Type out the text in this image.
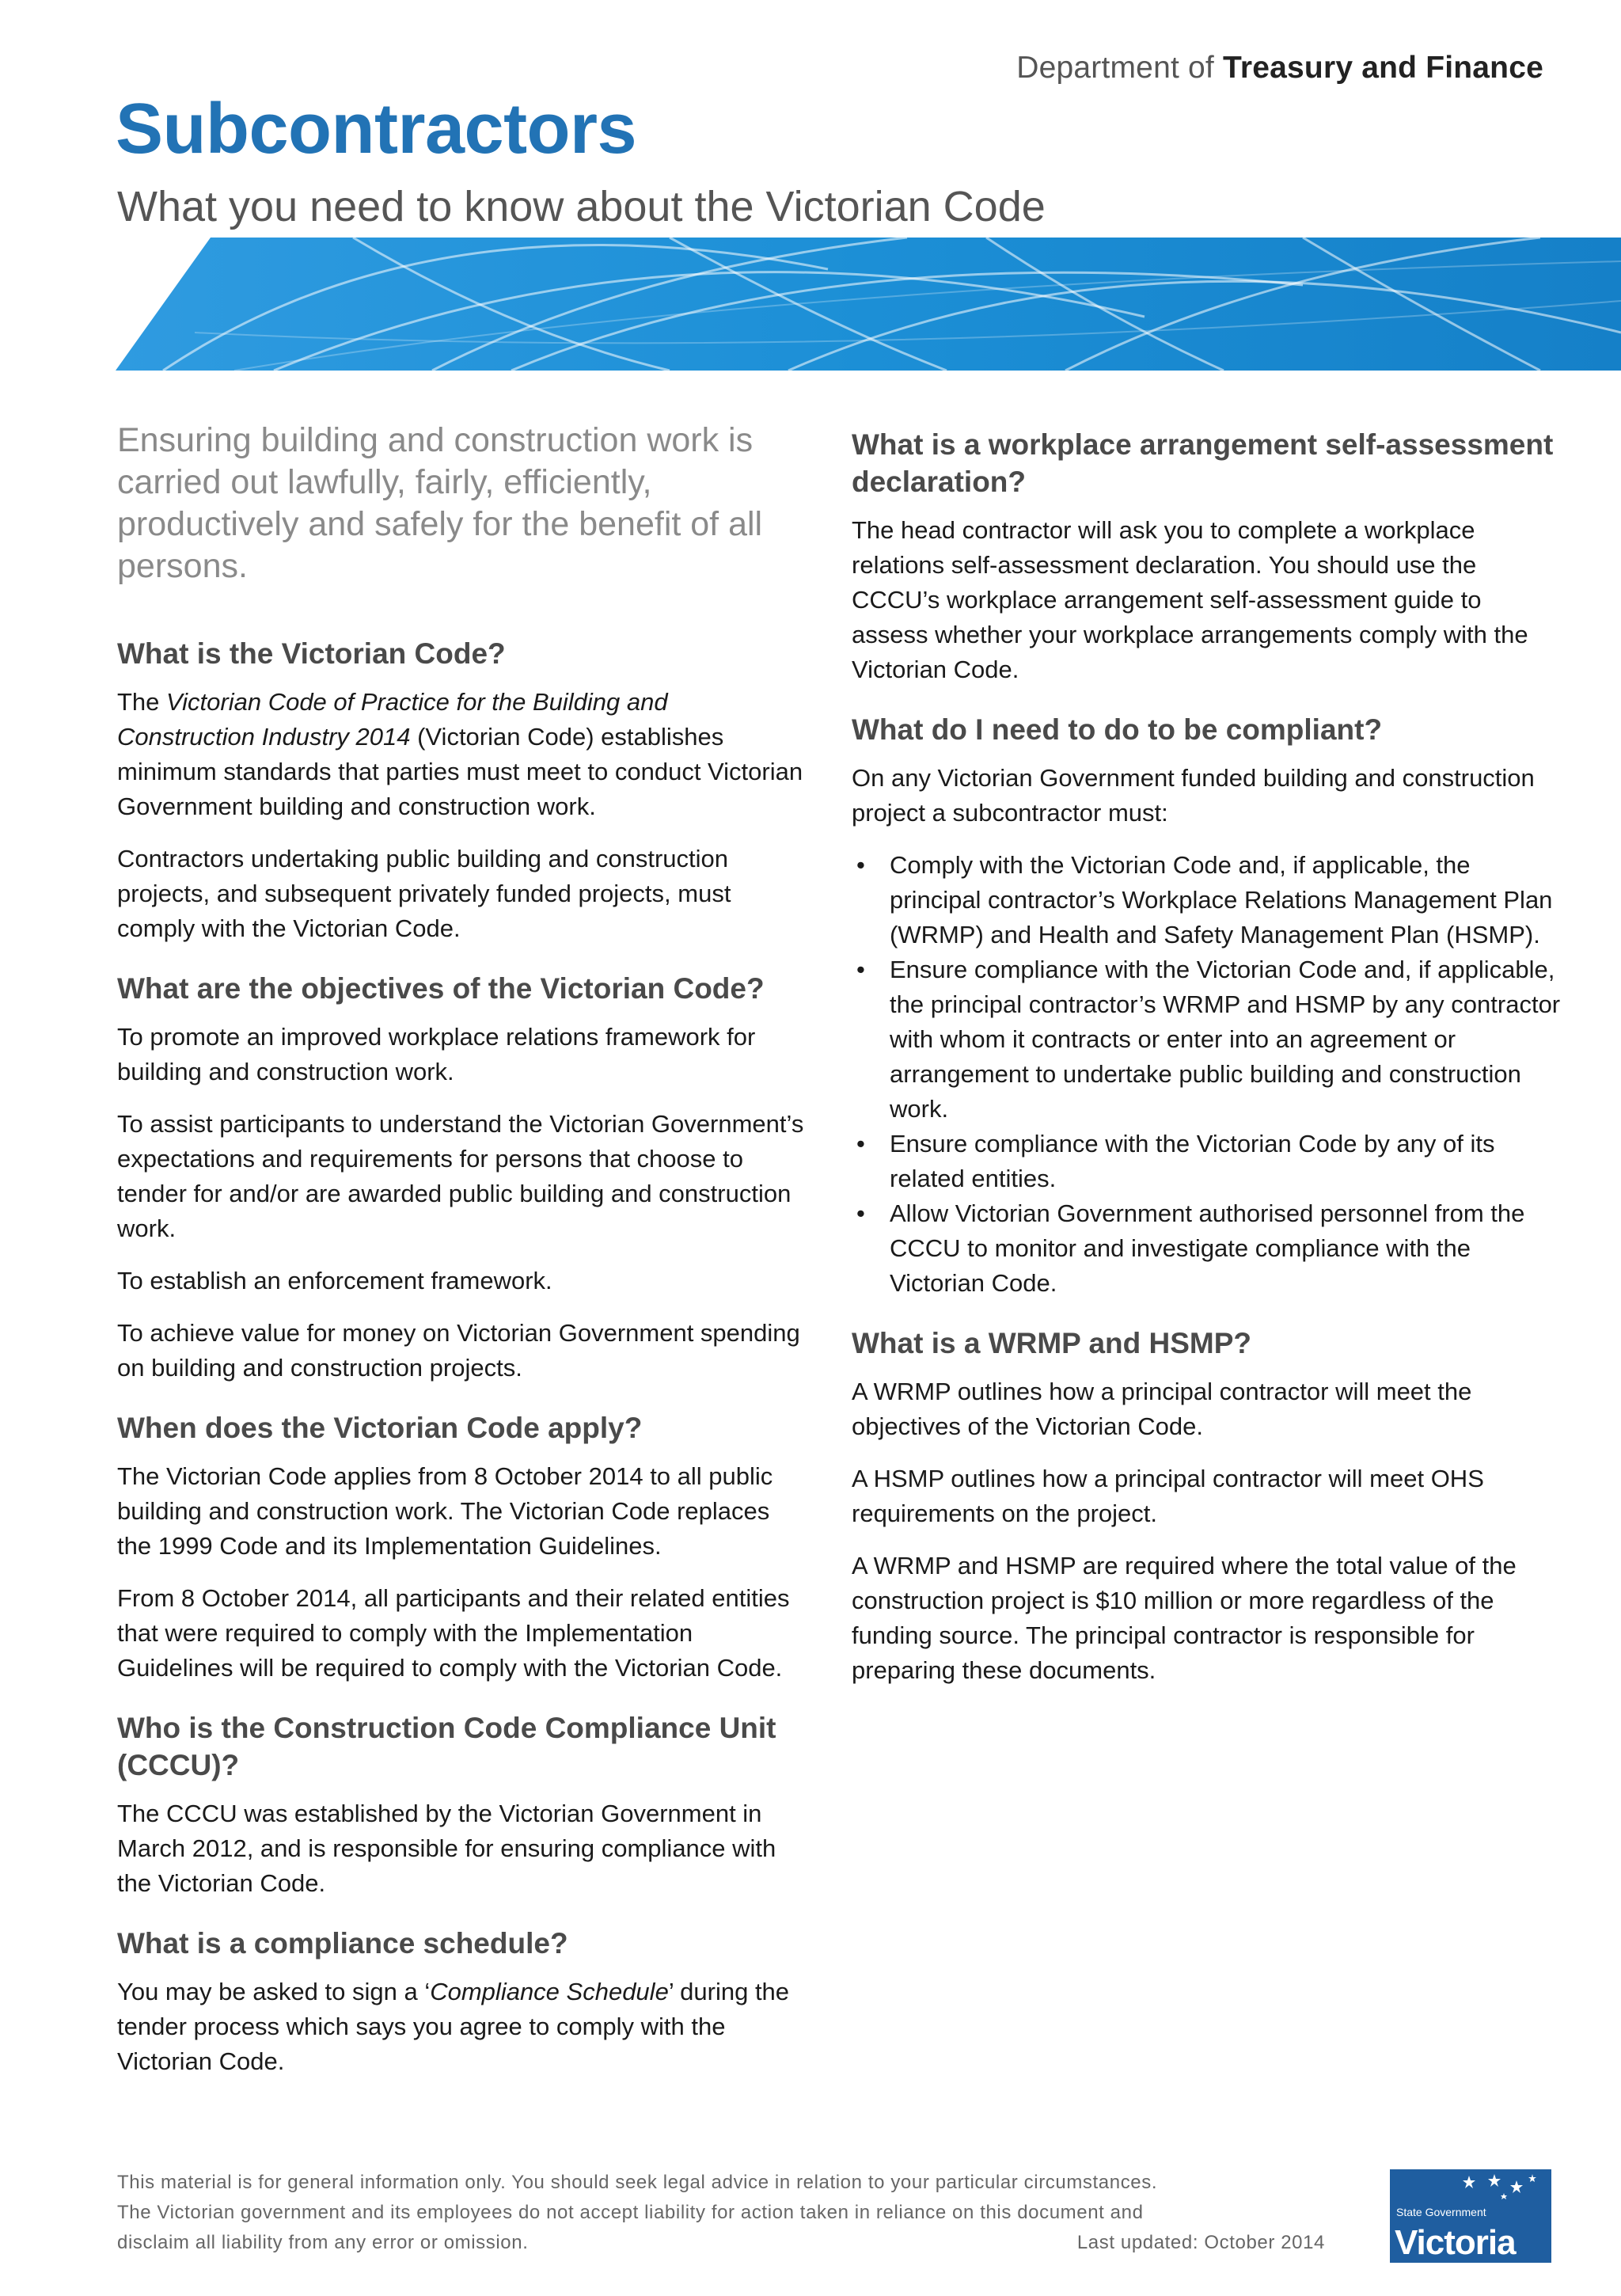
Department of Treasury and Finance
Subcontractors
What you need to know about the Victorian Code

Ensuring building and construction work is carried out lawfully, fairly, efficiently, productively and safely for the benefit of all persons.

What is the Victorian Code?

The Victorian Code of Practice for the Building and Construction Industry 2014 (Victorian Code) establishes minimum standards that parties must meet to conduct Victorian Government building and construction work.

Contractors undertaking public building and construction projects, and subsequent privately funded projects, must comply with the Victorian Code.

What are the objectives of the Victorian Code?

To promote an improved workplace relations framework for building and construction work.

To assist participants to understand the Victorian Government’s expectations and requirements for persons that choose to tender for and/or are awarded public building and construction work.

To establish an enforcement framework.

To achieve value for money on Victorian Government spending on building and construction projects.

When does the Victorian Code apply?

The Victorian Code applies from 8 October 2014 to all public building and construction work. The Victorian Code replaces the 1999 Code and its Implementation Guidelines.

From 8 October 2014, all participants and their related entities that were required to comply with the Implementation Guidelines will be required to comply with the Victorian Code.

Who is the Construction Code Compliance Unit (CCCU)?

The CCCU was established by the Victorian Government in March 2012, and is responsible for ensuring compliance with the Victorian Code.

What is a compliance schedule?

You may be asked to sign a ‘Compliance Schedule’ during the tender process which says you agree to comply with the Victorian Code.

What is a workplace arrangement self-assessment declaration?

The head contractor will ask you to complete a workplace relations self-assessment declaration. You should use the CCCU’s workplace arrangement self-assessment guide to assess whether your workplace arrangements comply with the Victorian Code.

What do I need to do to be compliant?

On any Victorian Government funded building and construction project a subcontractor must:

• Comply with the Victorian Code and, if applicable, the principal contractor’s Workplace Relations Management Plan (WRMP) and Health and Safety Management Plan (HSMP).
• Ensure compliance with the Victorian Code and, if applicable, the principal contractor’s WRMP and HSMP by any contractor with whom it contracts or enter into an agreement or arrangement to undertake public building and construction work.
• Ensure compliance with the Victorian Code by any of its related entities.
• Allow Victorian Government authorised personnel from the CCCU to monitor and investigate compliance with the Victorian Code.
What is a WRMP and HSMP?

A WRMP outlines how a principal contractor will meet the objectives of the Victorian Code.

A HSMP outlines how a principal contractor will meet OHS requirements on the project.

A WRMP and HSMP are required where the total value of the construction project is $10 million or more regardless of the funding source. The principal contractor is responsible for preparing these documents.

This material is for general information only. You should seek legal advice in relation to your particular circumstances.
The Victorian government and its employees do not accept liability for action taken in reliance on this document and
disclaim all liability from any error or omission.	Last updated: October 2014
State Government
Victoria
